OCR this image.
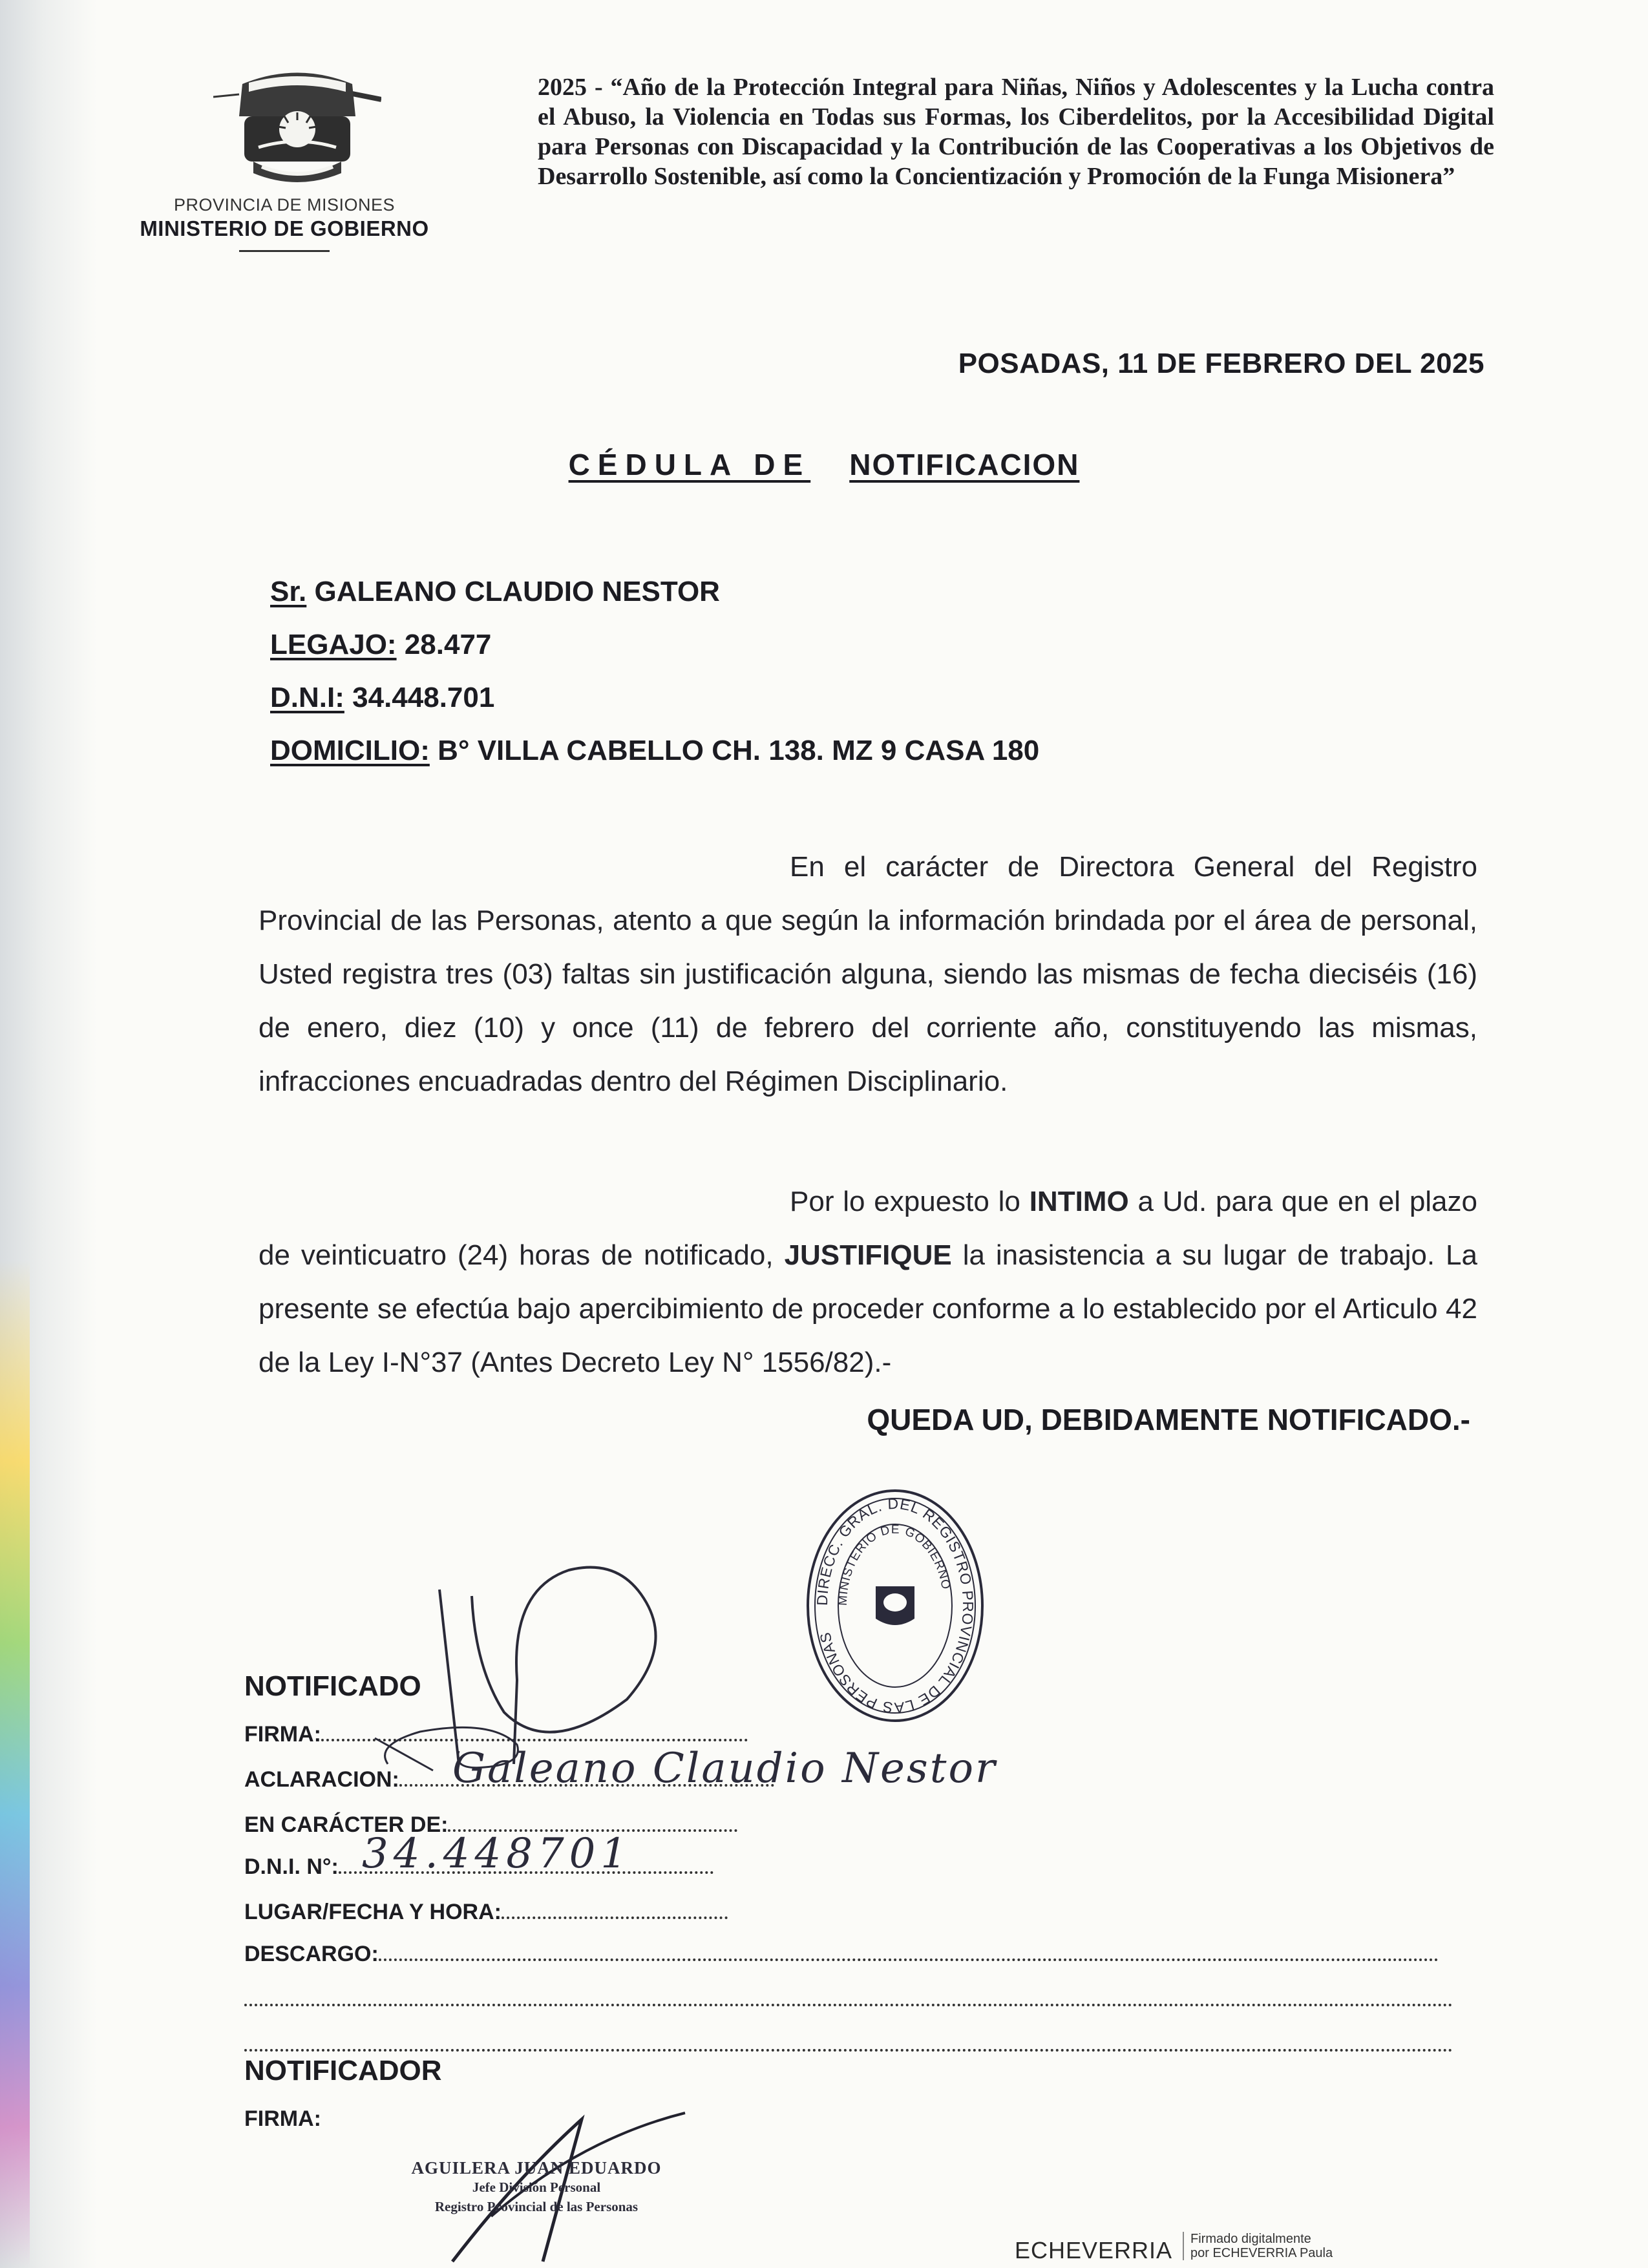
PROVINCIA DE MISIONES
MINISTERIO DE GOBIERNO
2025 - “Año de la Protección Integral para Niñas, Niños y Adolescentes y la Lucha contra el Abuso, la Violencia en Todas sus Formas, los Ciberdelitos, por la Accesibilidad Digital para Personas con Discapacidad y la Contribución de las Cooperativas a los Objetivos de Desarrollo Sostenible, así como la Concientización y Promoción de la Funga Misionera”
POSADAS, 11 DE FEBRERO DEL 2025
CÉDULA DE NOTIFICACION
Sr. GALEANO CLAUDIO NESTOR
LEGAJO: 28.477
D.N.I: 34.448.701
DOMICILIO: B° VILLA CABELLO CH. 138. MZ 9 CASA 180
En el carácter de Directora General del Registro Provincial de las Personas, atento a que según la información brindada por el área de personal, Usted registra tres (03) faltas sin justificación alguna, siendo las mismas de fecha dieciséis (16) de enero, diez (10) y once (11) de febrero del corriente año, constituyendo las mismas, infracciones encuadradas dentro del Régimen Disciplinario.
Por lo expuesto lo INTIMO a Ud. para que en el plazo de veinticuatro (24) horas de notificado, JUSTIFIQUE la inasistencia a su lugar de trabajo. La presente se efectúa bajo apercibimiento de proceder conforme a lo establecido por el Articulo 42 de la Ley I-N°37 (Antes Decreto Ley N° 1556/82).-
QUEDA UD, DEBIDAMENTE NOTIFICADO.-
DIRECC. GRAL. DEL REGISTRO PROVINCIAL DE LAS PERSONAS
MINISTERIO DE GOBIERNO
NOTIFICADO
FIRMA:
ACLARACION:
EN CARÁCTER DE:
D.N.I. N°:
LUGAR/FECHA Y HORA:
DESCARGO:
Galeano Claudio Nestor
34.448701
NOTIFICADOR
FIRMA:
AGUILERA JUAN EDUARDO
Jefe División Personal
Registro Provincial de las Personas
ECHEVERRIA Firmado digitalmente
por ECHEVERRIA Paula
